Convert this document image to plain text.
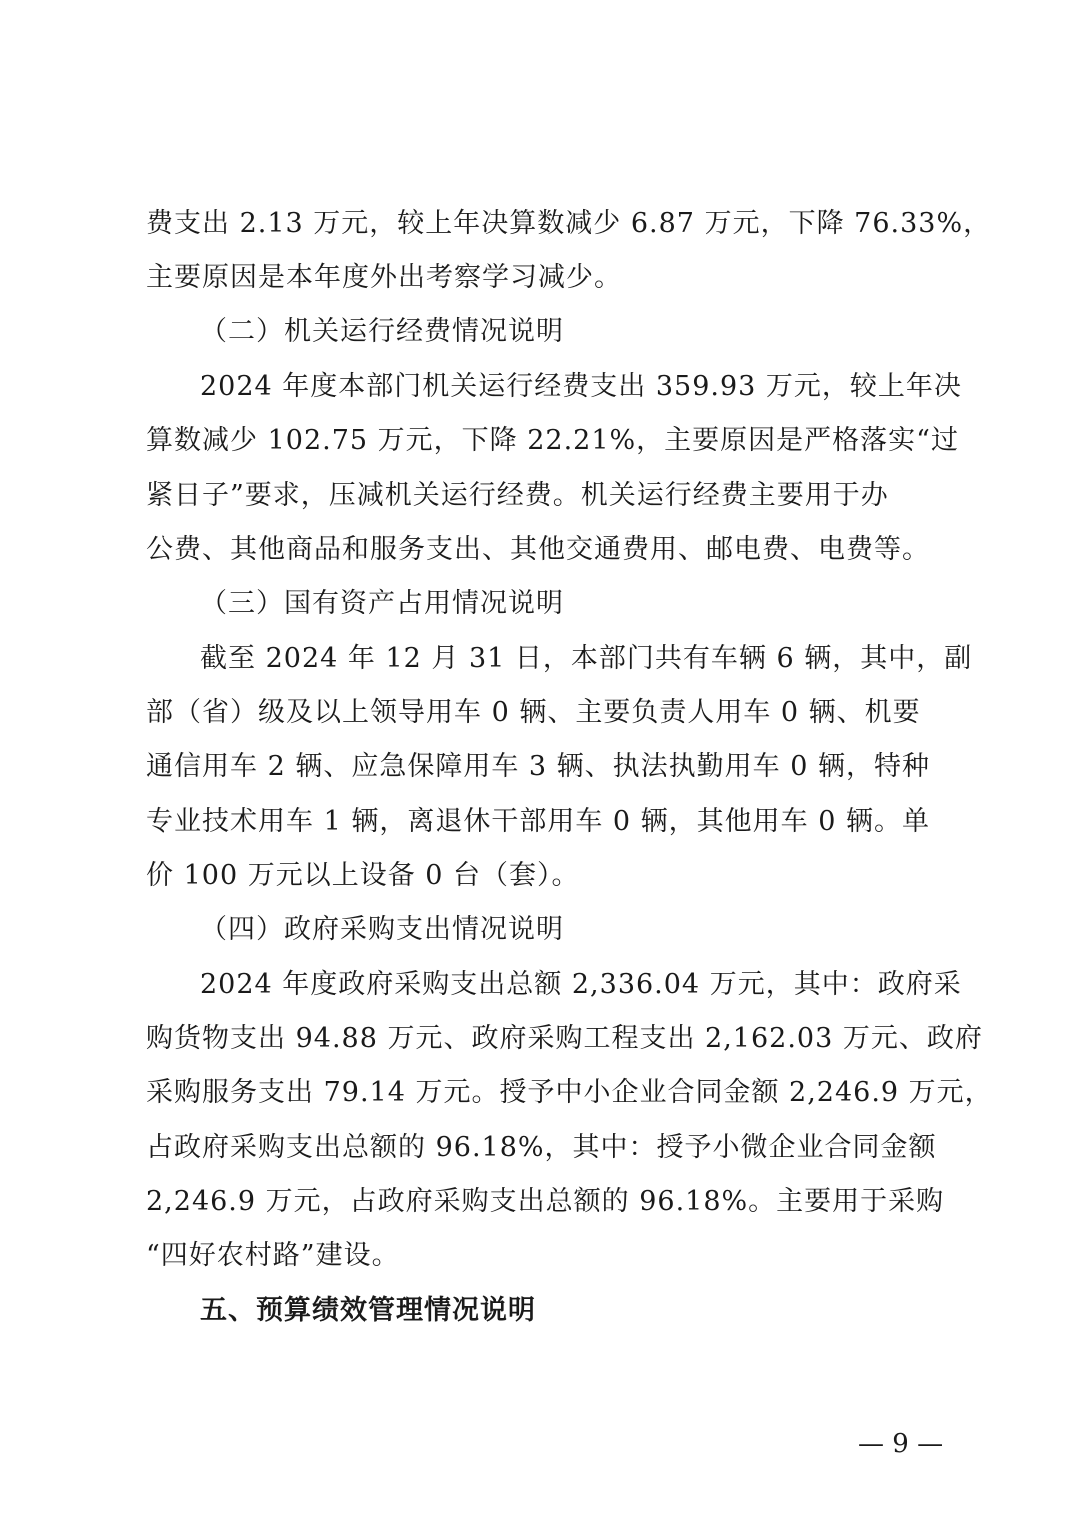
费支出 2.13 万元，较上年决算数减少 6.87 万元，下降 76.33%，
主要原因是本年度外出考察学习减少。
（二）机关运行经费情况说明
2024 年度本部门机关运行经费支出 359.93 万元，较上年决
算数减少 102.75 万元，下降 22.21%，主要原因是严格落实“过
紧日子”要求，压减机关运行经费。机关运行经费主要用于办
公费、其他商品和服务支出、其他交通费用、邮电费、电费等。
（三）国有资产占用情况说明
截至 2024 年 12 月 31 日，本部门共有车辆 6 辆，其中，副
部（省）级及以上领导用车 0 辆、主要负责人用车 0 辆、机要
通信用车 2 辆、应急保障用车 3 辆、执法执勤用车 0 辆，特种
专业技术用车 1 辆，离退休干部用车 0 辆，其他用车 0 辆。单
价 100 万元以上设备 0 台（套）。
（四）政府采购支出情况说明
2024 年度政府采购支出总额 2,336.04 万元，其中：政府采
购货物支出 94.88 万元、政府采购工程支出 2,162.03 万元、政府
采购服务支出 79.14 万元。授予中小企业合同金额 2,246.9 万元，
占政府采购支出总额的 96.18%，其中：授予小微企业合同金额
2,246.9 万元，占政府采购支出总额的 96.18%。主要用于采购
“四好农村路”建设。
五、预算绩效管理情况说明
— 9 —
